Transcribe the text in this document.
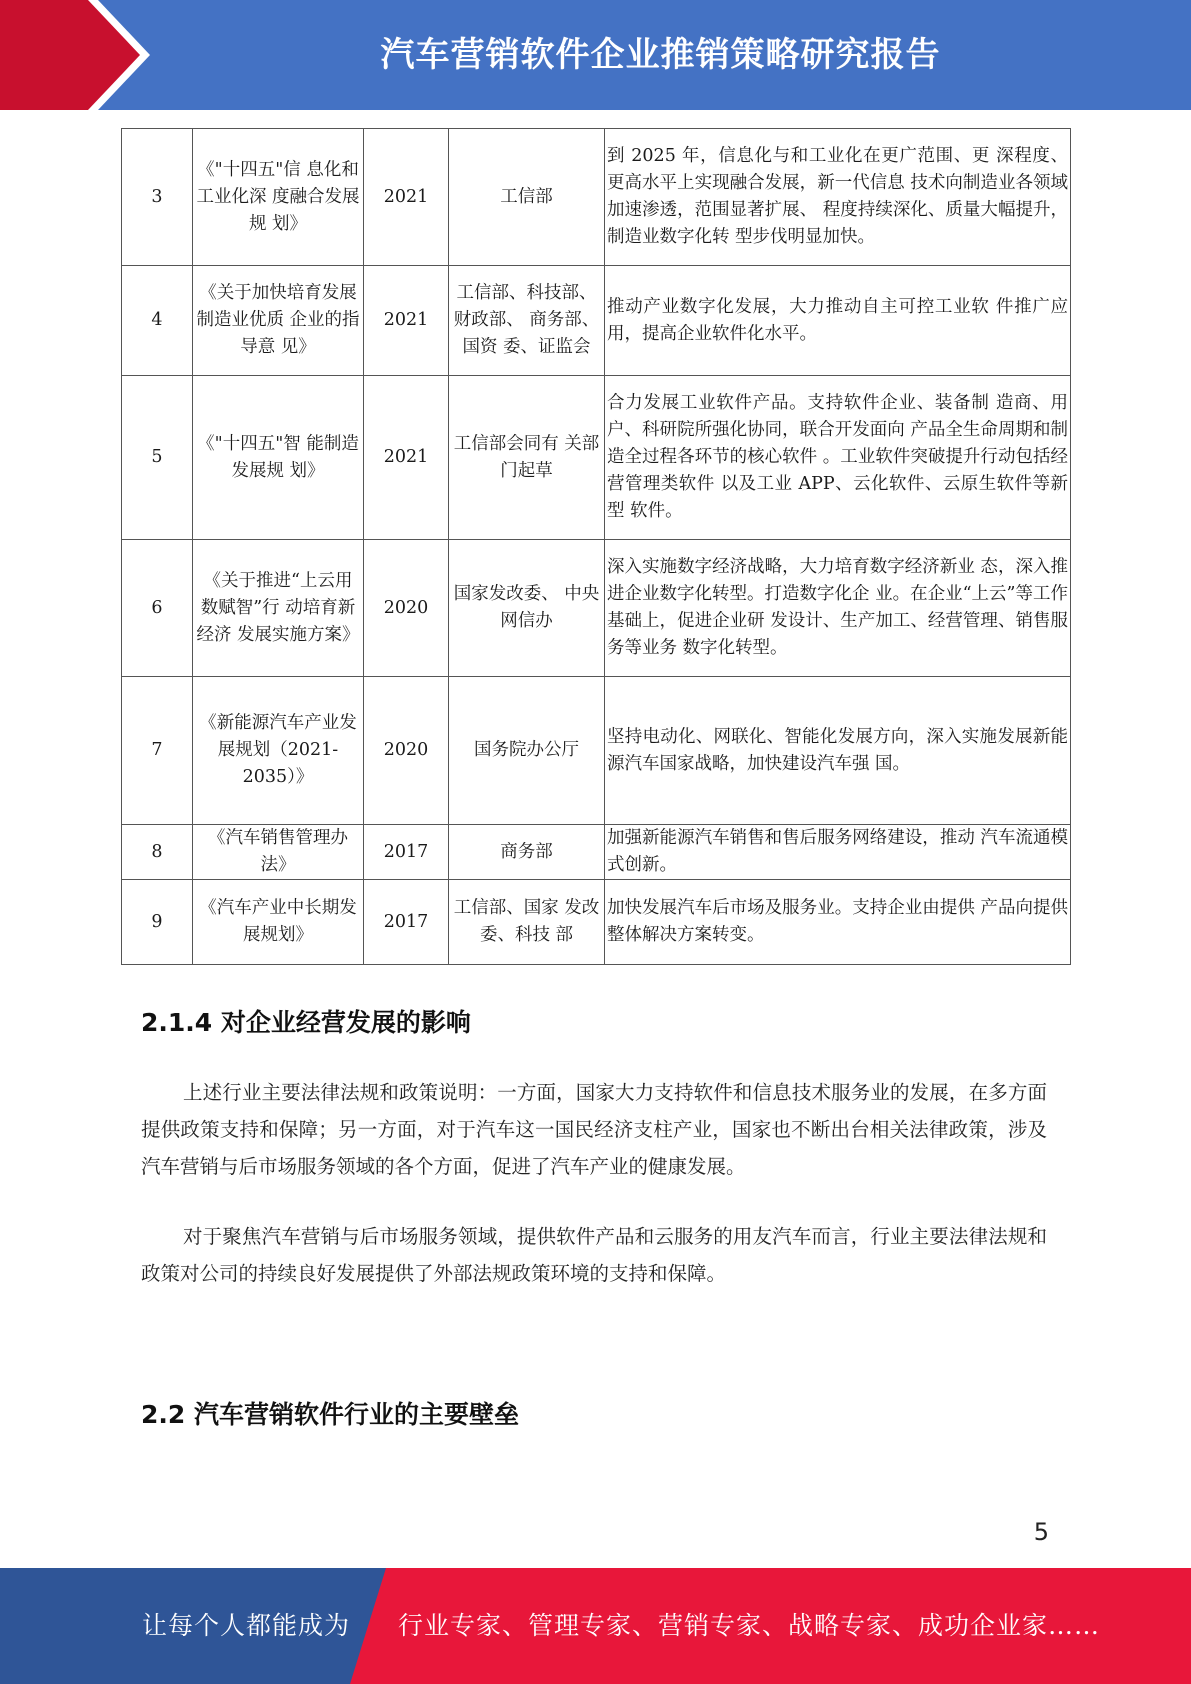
汽车营销软件企业推销策略研究报告
3	《"十四五"信 息化和工业化深 度融合发展规 划》	2021	工信部	到 2025 年，信息化与和工业化在更广范围、更 深程度、更高水平上实现融合发展，新一代信息 技术向制造业各领域加速渗透，范围显著扩展、 程度持续深化、质量大幅提升，制造业数字化转 型步伐明显加快。
4	《关于加快培育发展制造业优质 企业的指导意 见》	2021	工信部、科技部、财政部、 商务部、国资 委、证监会	推动产业数字化发展，大力推动自主可控工业软 件推广应用，提高企业软件化水平。
5	《"十四五"智 能制造发展规 划》	2021	工信部会同有 关部门起草	合力发展工业软件产品。支持软件企业、装备制 造商、用户、科研院所强化协同，联合开发面向 产品全生命周期和制造全过程各环节的核心软件 。工业软件突破提升行动包括经营管理类软件 以及工业 APP、云化软件、云原生软件等新型 软件。
6	《关于推进“上云用数赋智”行 动培育新经济 发展实施方案》	2020	国家发改委、 中央网信办	深入实施数字经济战略，大力培育数字经济新业 态，深入推进企业数字化转型。打造数字化企 业。在企业“上云”等工作基础上，促进企业研 发设计、生产加工、经营管理、销售服务等业务 数字化转型。
7	《新能源汽车产业发展规划（2021-2035）》	2020	国务院办公厅	坚持电动化、网联化、智能化发展方向，深入实施发展新能源汽车国家战略，加快建设汽车强 国。
8	《汽车销售管理办法》	2017	商务部	加强新能源汽车销售和售后服务网络建设，推动 汽车流通模式创新。
9	《汽车产业中长期发展规划》	2017	工信部、国家 发改委、科技 部	加快发展汽车后市场及服务业。支持企业由提供 产品向提供整体解决方案转变。
2.1.4 对企业经营发展的影响
上述行业主要法律法规和政策说明：一方面，国家大力支持软件和信息技术服务业的发展，在多方面提供政策支持和保障；另一方面，对于汽车这一国民经济支柱产业，国家也不断出台相关法律政策，涉及汽车营销与后市场服务领域的各个方面，促进了汽车产业的健康发展。
对于聚焦汽车营销与后市场服务领域，提供软件产品和云服务的用友汽车而言，行业主要法律法规和政策对公司的持续良好发展提供了外部法规政策环境的支持和保障。
2.2 汽车营销软件行业的主要壁垒
5
让每个人都能成为 行业专家、管理专家、营销专家、战略专家、成功企业家……
